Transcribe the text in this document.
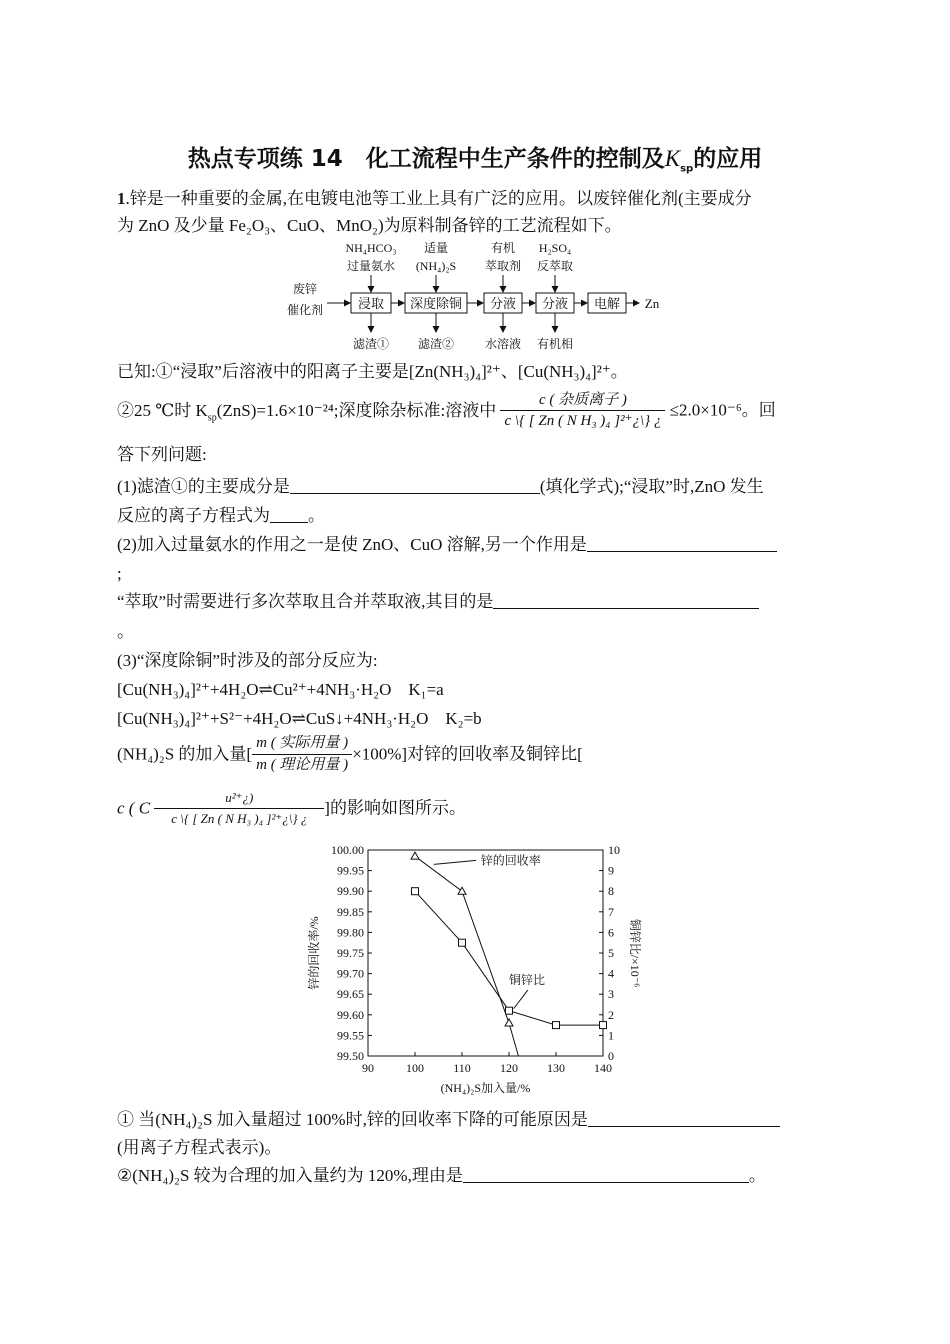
热点专项练 14　化工流程中生产条件的控制及$K_{sp}$的应用
1.锌是一种重要的金属,在电镀电池等工业上具有广泛的应用。以废锌催化剂(主要成分
为 ZnO 及少量 Fe₂O₃、CuO、MnO₂)为原料制备锌的工艺流程如下。
废锌
催化剂
NH₄HCO₃
过量氨水
适量
(NH₄)₂S
有机
萃取剂
H₂SO₄
反萃取
滤渣① 滤渣②	水溶液 有机相
浸取 深度除铜 分液 分液 电解 Zn
已知:①“浸取”后溶液中的阳离子主要是[Zn(NH₃)₄]²⁺、[Cu(NH₃)₄]²⁺。
②25 ℃时 $K_{sp}(ZnS)=1.6\times 10^{-24}$;深度除杂标准:溶液中 $\frac{\text{c ( 杂质离子 )}}{\text{c \textbackslash{}\{ [ Zn ( N H₃ )₄ ]²⁺¿\textbackslash{}\} ¿}} \le 2.0\times 10^{-6}$。回
答下列问题:
(1)滤渣①的主要成分是	(填化学式);“浸取”时,ZnO 发生
反应的离子方程式为 。
(2)加入过量氨水的作用之一是使 ZnO、CuO 溶解,另一个作用是
;
“萃取”时需要进行多次萃取且合并萃取液,其目的是
。
(3)“深度除铜”时涉及的部分反应为:
[Cu(NH₃)₄]²⁺+4H₂O⇌Cu²⁺+4NH₃·H₂O　K₁=a
[Cu(NH₃)₄]²⁺+S²⁻+4H₂O⇌CuS↓+4NH₃·H₂O　K₂=b
(NH₄)₂S 的加入量[ $\frac{\text{m ( 实际用量 )}}{\text{m ( 理论用量 )}} \times 100\%$]对锌的回收率及铜锌比[
c ( C $\frac{\text{u²⁺¿)}}{\text{c \textbackslash{}\{ [ Zn ( N H₃ )₄ ]²⁺¿\textbackslash{}\} ¿}}$ ]的影响如图所示。
100.00
99.95
99.90
99.85
99.80
99.75
99.70
99.65
99.60
99.55
99.50
10
9
8
7
6
5
4
3
2
1
0
90	100 110 120 130 140
(NH₄)₂S加入量/%
锌的回收率/%	铜锌比/×10⁻⁶
锌的回收率
铜锌比
① 当(NH₄)₂S 加入量超过 100%时,锌的回收率下降的可能原因是
(用离子方程式表示)。
②(NH₄)₂S 较为合理的加入量约为 120%,理由是	。
